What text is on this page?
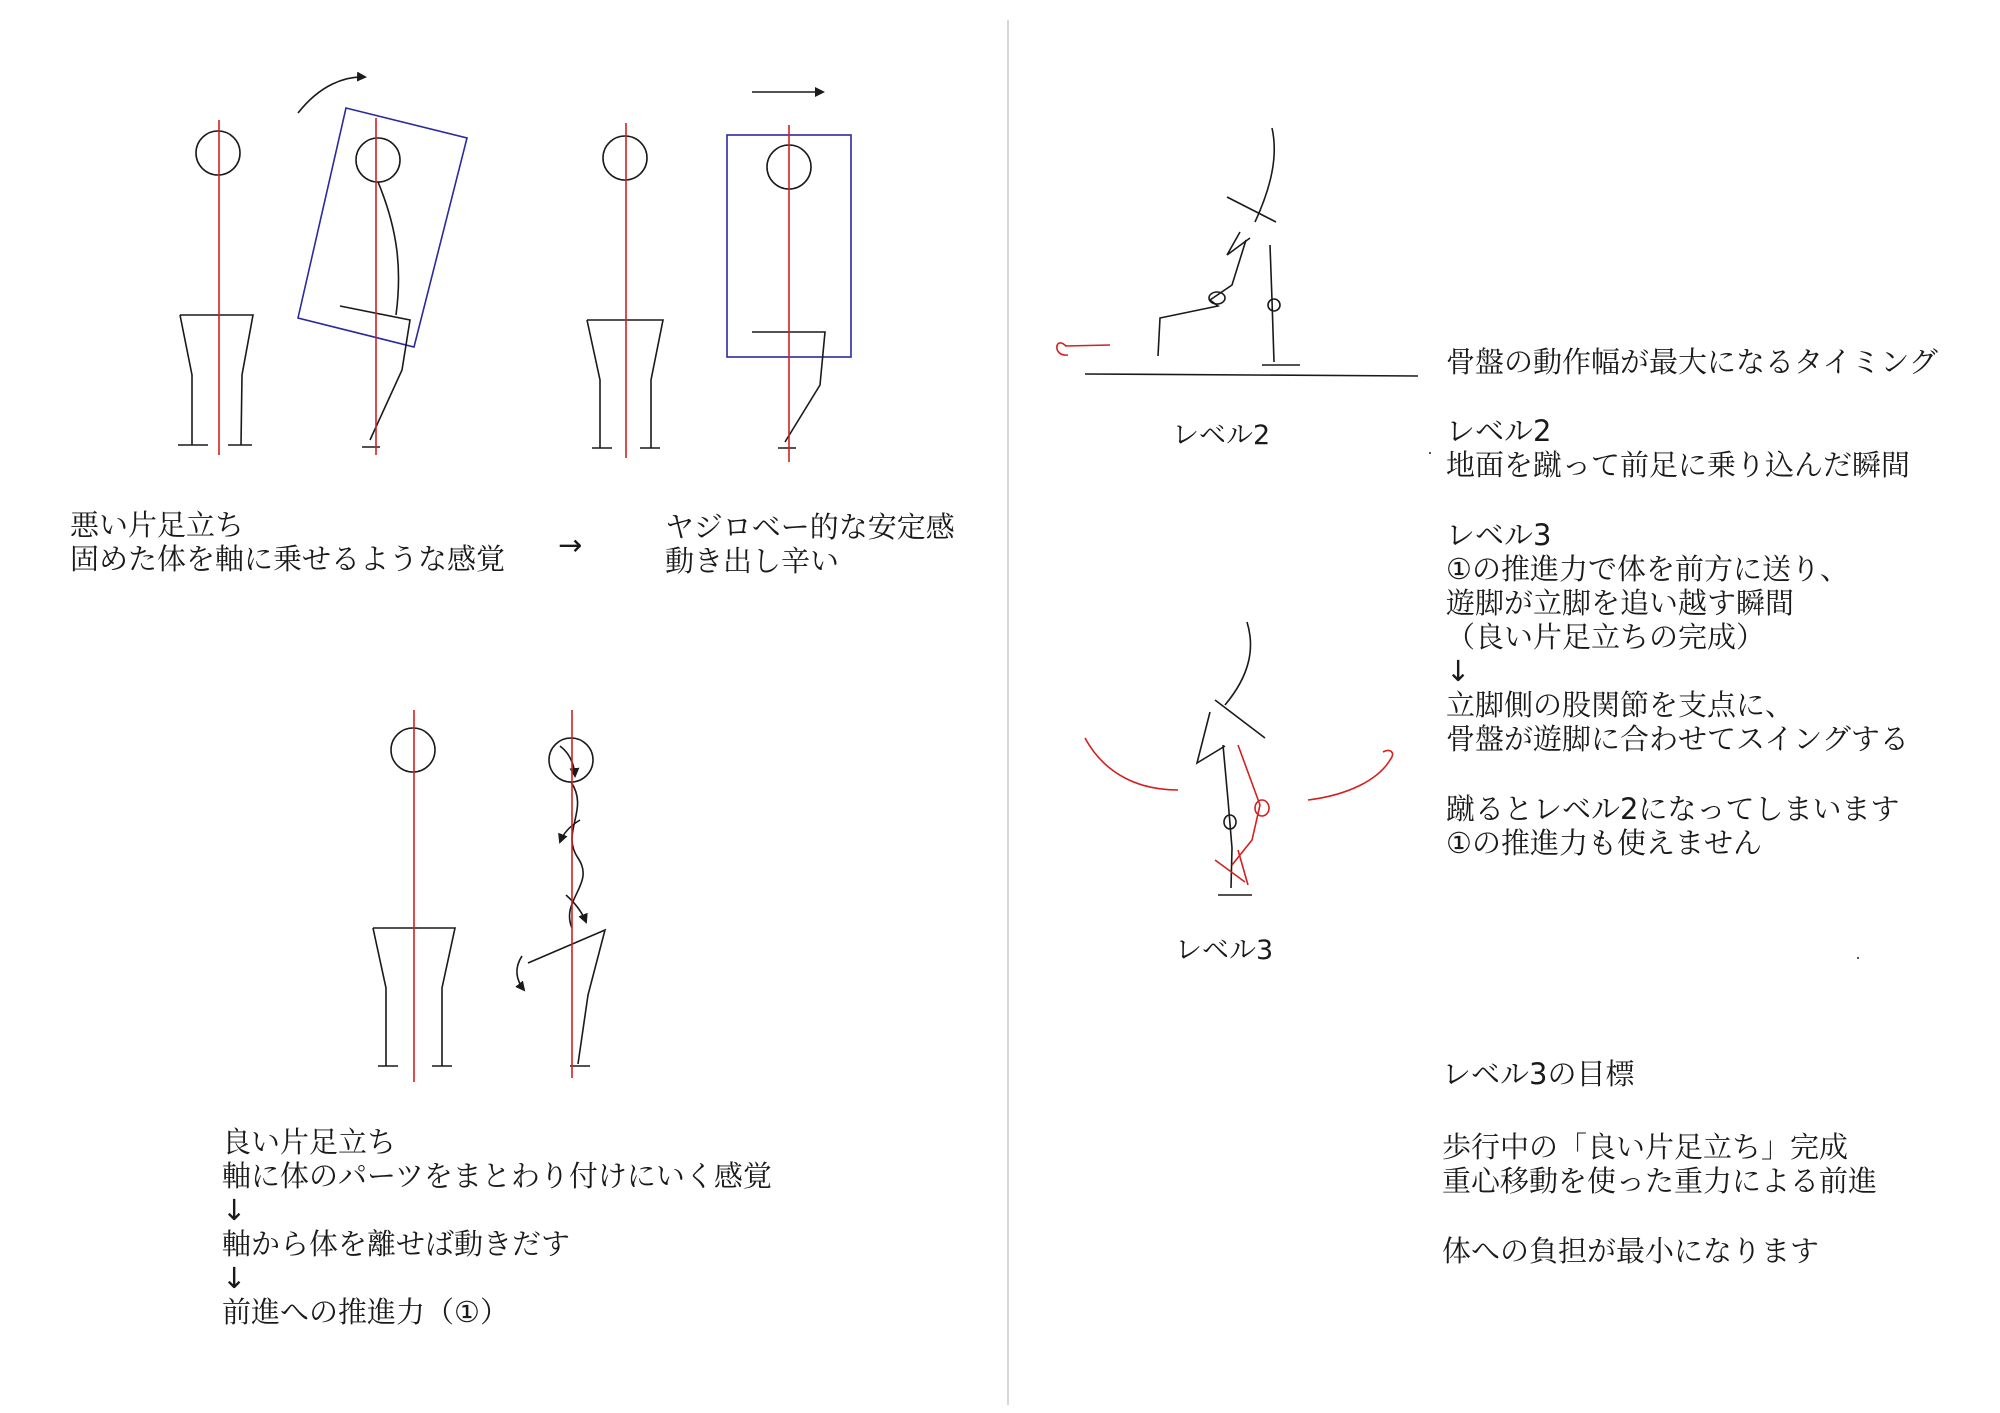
悪い片足立ち
固めた体を軸に乗せるような感覚 →
ヤジロベー的な安定感
動き出し辛い
良い片足立ち
軸に体のパーツをまとわり付けにいく感覚
↓
軸から体を離せば動きだす
↓
前進への推進力（①）
レベル2
レベル3
骨盤の動作幅が最大になるタイミング
レベル2
地面を蹴って前足に乗り込んだ瞬間
レベル3
①の推進力で体を前方に送り、
遊脚が立脚を追い越す瞬間
（良い片足立ちの完成）
↓
立脚側の股関節を支点に、
骨盤が遊脚に合わせてスイングする
蹴るとレベル2になってしまいます
①の推進力も使えません
レベル3の目標
歩行中の「良い片足立ち」完成
重心移動を使った重力による前進
体への負担が最小になります
